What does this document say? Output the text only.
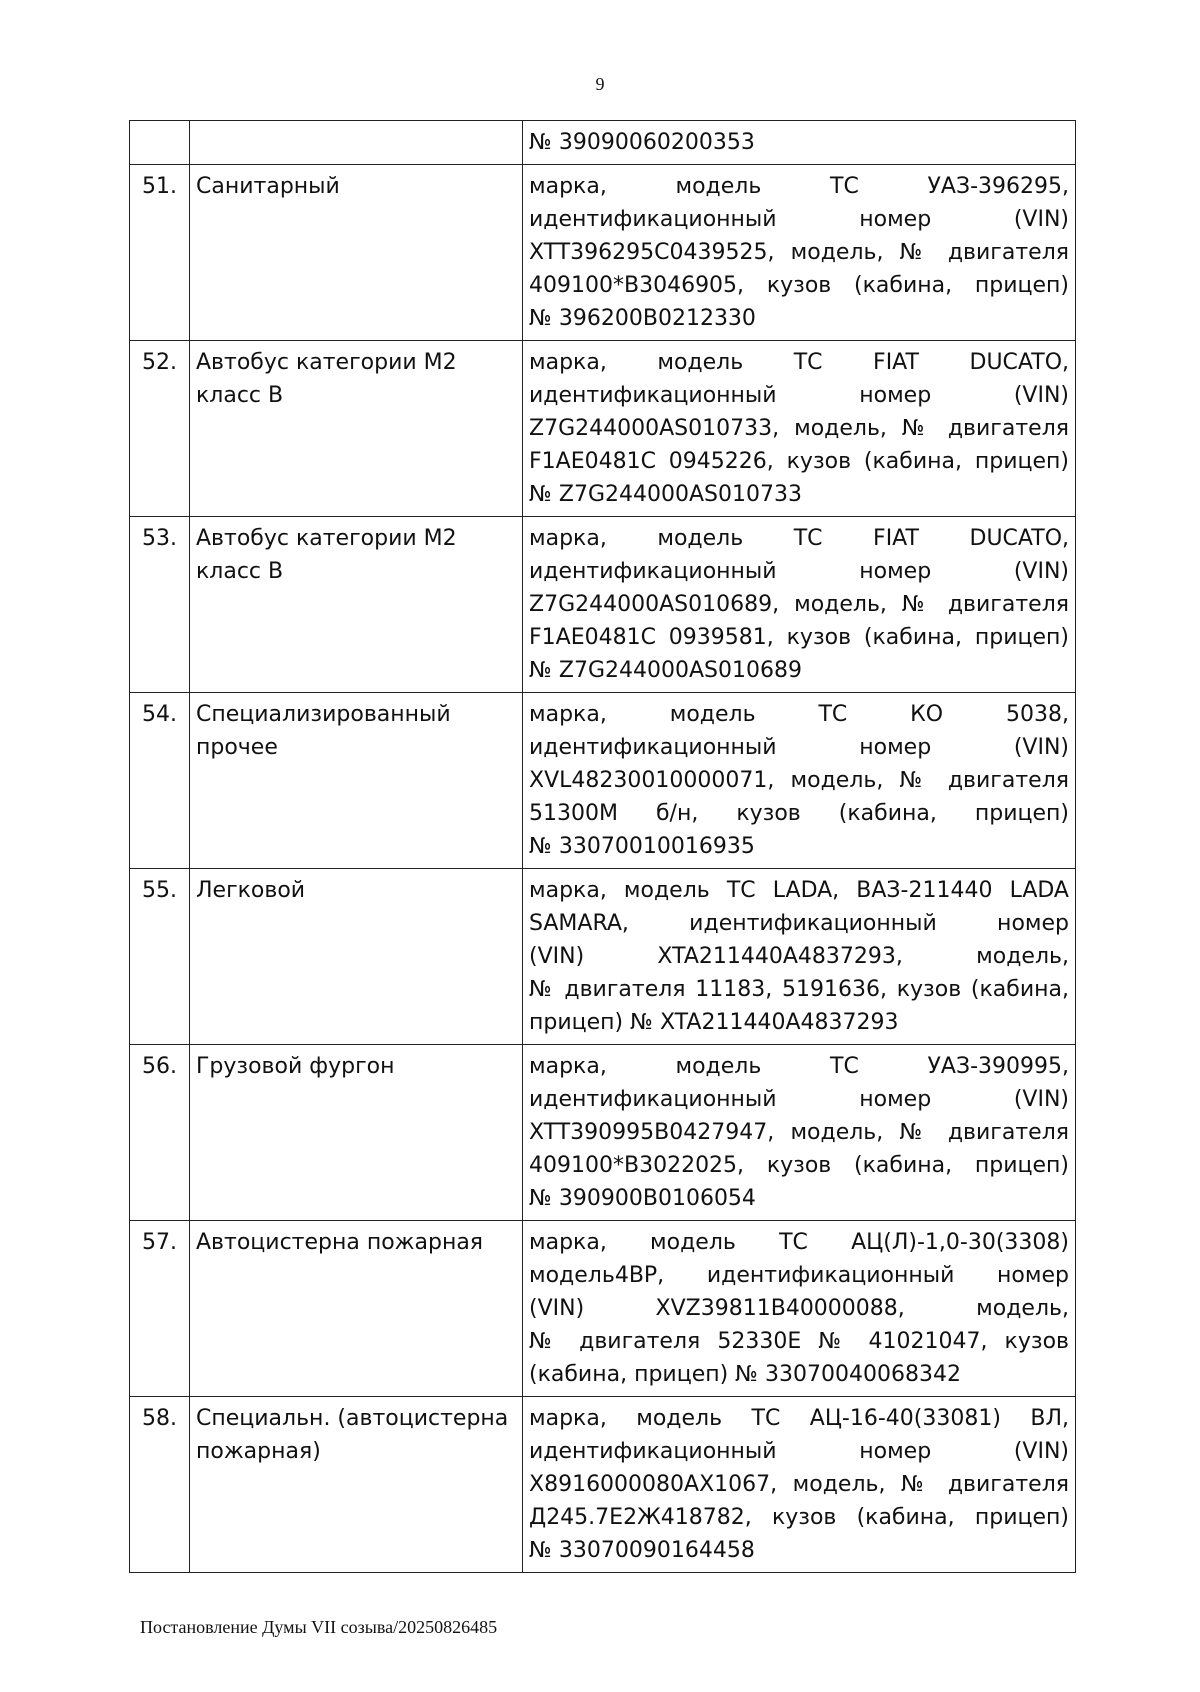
9

		№ 39090060200353

51.	Санитарный	марка, модель ТС УАЗ-396295,
идентификационный номер (VIN)
XTT396295C0439525, модель, № двигателя
409100*B3046905, кузов (кабина, прицеп)
№ 396200B0212330

52.	Автобус категории М2 класс В	марка, модель ТС FIAT DUCATO,
идентификационный номер (VIN)
Z7G244000AS010733, модель, № двигателя
F1AE0481C 0945226, кузов (кабина, прицеп)
№ Z7G244000AS010733

53.	Автобус категории М2 класс В	марка, модель ТС FIAT DUCATO,
идентификационный номер (VIN)
Z7G244000AS010689, модель, № двигателя
F1AE0481C 0939581, кузов (кабина, прицеп)
№ Z7G244000AS010689

54.	Специализированный прочее	марка, модель ТС КО 5038,
идентификационный номер (VIN)
XVL48230010000071, модель, № двигателя
51300М б/н, кузов (кабина, прицеп)
№ 33070010016935

55.	Легковой	марка, модель ТС LADA, ВАЗ-211440 LADA
SAMARA, идентификационный номер
(VIN) XTA211440A4837293, модель,
№ двигателя 11183, 5191636, кузов (кабина,
прицеп) № XTA211440A4837293

56.	Грузовой фургон	марка, модель ТС УАЗ-390995,
идентификационный номер (VIN)
XTT390995B0427947, модель, № двигателя
409100*B3022025, кузов (кабина, прицеп)
№ 390900B0106054

57.	Автоцистерна пожарная	марка, модель ТС АЦ(Л)-1,0-30(3308)
модель4ВР, идентификационный номер
(VIN) XVZ39811B40000088, модель,
№ двигателя 52330E № 41021047, кузов
(кабина, прицеп) № 33070040068342

58.	Специальн. (автоцистерна пожарная)	марка, модель ТС АЦ-16-40(33081) ВЛ,
идентификационный номер (VIN)
X8916000080AX1067, модель, № двигателя
Д245.7Е2Ж418782, кузов (кабина, прицеп)
№ 33070090164458
Постановление Думы VII созыва/20250826485
